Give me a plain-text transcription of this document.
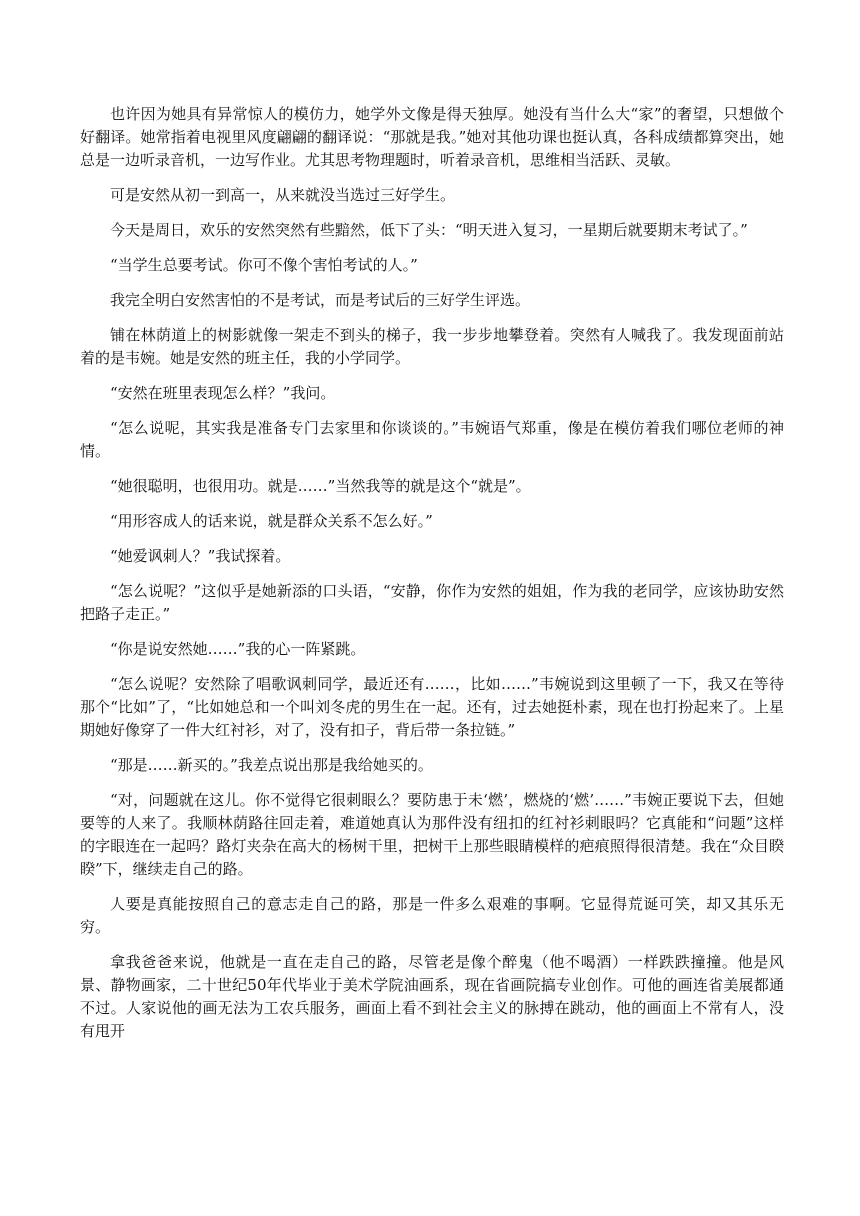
也许因为她具有异常惊人的模仿力，她学外文像是得天独厚。她没有当什么大“家”的奢望，只想做个好翻译。她常指着电视里风度翩翩的翻译说：“那就是我。”她对其他功课也挺认真，各科成绩都算突出，她总是一边听录音机，一边写作业。尤其思考物理题时，听着录音机，思维相当活跃、灵敏。

可是安然从初一到高一，从来就没当选过三好学生。

今天是周日，欢乐的安然突然有些黯然，低下了头：“明天进入复习，一星期后就要期末考试了。”

“当学生总要考试。你可不像个害怕考试的人。”

我完全明白安然害怕的不是考试，而是考试后的三好学生评选。

铺在林荫道上的树影就像一架走不到头的梯子，我一步步地攀登着。突然有人喊我了。我发现面前站着的是韦婉。她是安然的班主任，我的小学同学。

“安然在班里表现怎么样？”我问。

“怎么说呢，其实我是准备专门去家里和你谈谈的。”韦婉语气郑重，像是在模仿着我们哪位老师的神情。

“她很聪明，也很用功。就是……”当然我等的就是这个“就是”。

“用形容成人的话来说，就是群众关系不怎么好。”

“她爱讽刺人？”我试探着。

“怎么说呢？”这似乎是她新添的口头语，“安静，你作为安然的姐姐，作为我的老同学，应该协助安然把路子走正。”

“你是说安然她……”我的心一阵紧跳。

“怎么说呢？安然除了唱歌讽刺同学，最近还有……，比如……”韦婉说到这里顿了一下，我又在等待那个“比如”了，“比如她总和一个叫刘冬虎的男生在一起。还有，过去她挺朴素，现在也打扮起来了。上星期她好像穿了一件大红衬衫，对了，没有扣子，背后带一条拉链。”

“那是……新买的。”我差点说出那是我给她买的。

“对，问题就在这儿。你不觉得它很刺眼么？要防患于未‘燃’，燃烧的‘燃’……”韦婉正要说下去，但她要等的人来了。我顺林荫路往回走着，难道她真认为那件没有纽扣的红衬衫刺眼吗？它真能和“问题”这样的字眼连在一起吗？路灯夹杂在高大的杨树干里，把树干上那些眼睛模样的疤痕照得很清楚。我在“众目睽睽”下，继续走自己的路。

人要是真能按照自己的意志走自己的路，那是一件多么艰难的事啊。它显得荒诞可笑，却又其乐无穷。

拿我爸爸来说，他就是一直在走自己的路，尽管老是像个醉鬼（他不喝酒）一样跌跌撞撞。他是风景、静物画家，二十世纪50年代毕业于美术学院油画系，现在省画院搞专业创作。可他的画连省美展都通不过。人家说他的画无法为工农兵服务，画面上看不到社会主义的脉搏在跳动，他的画面上不常有人，没有甩开
